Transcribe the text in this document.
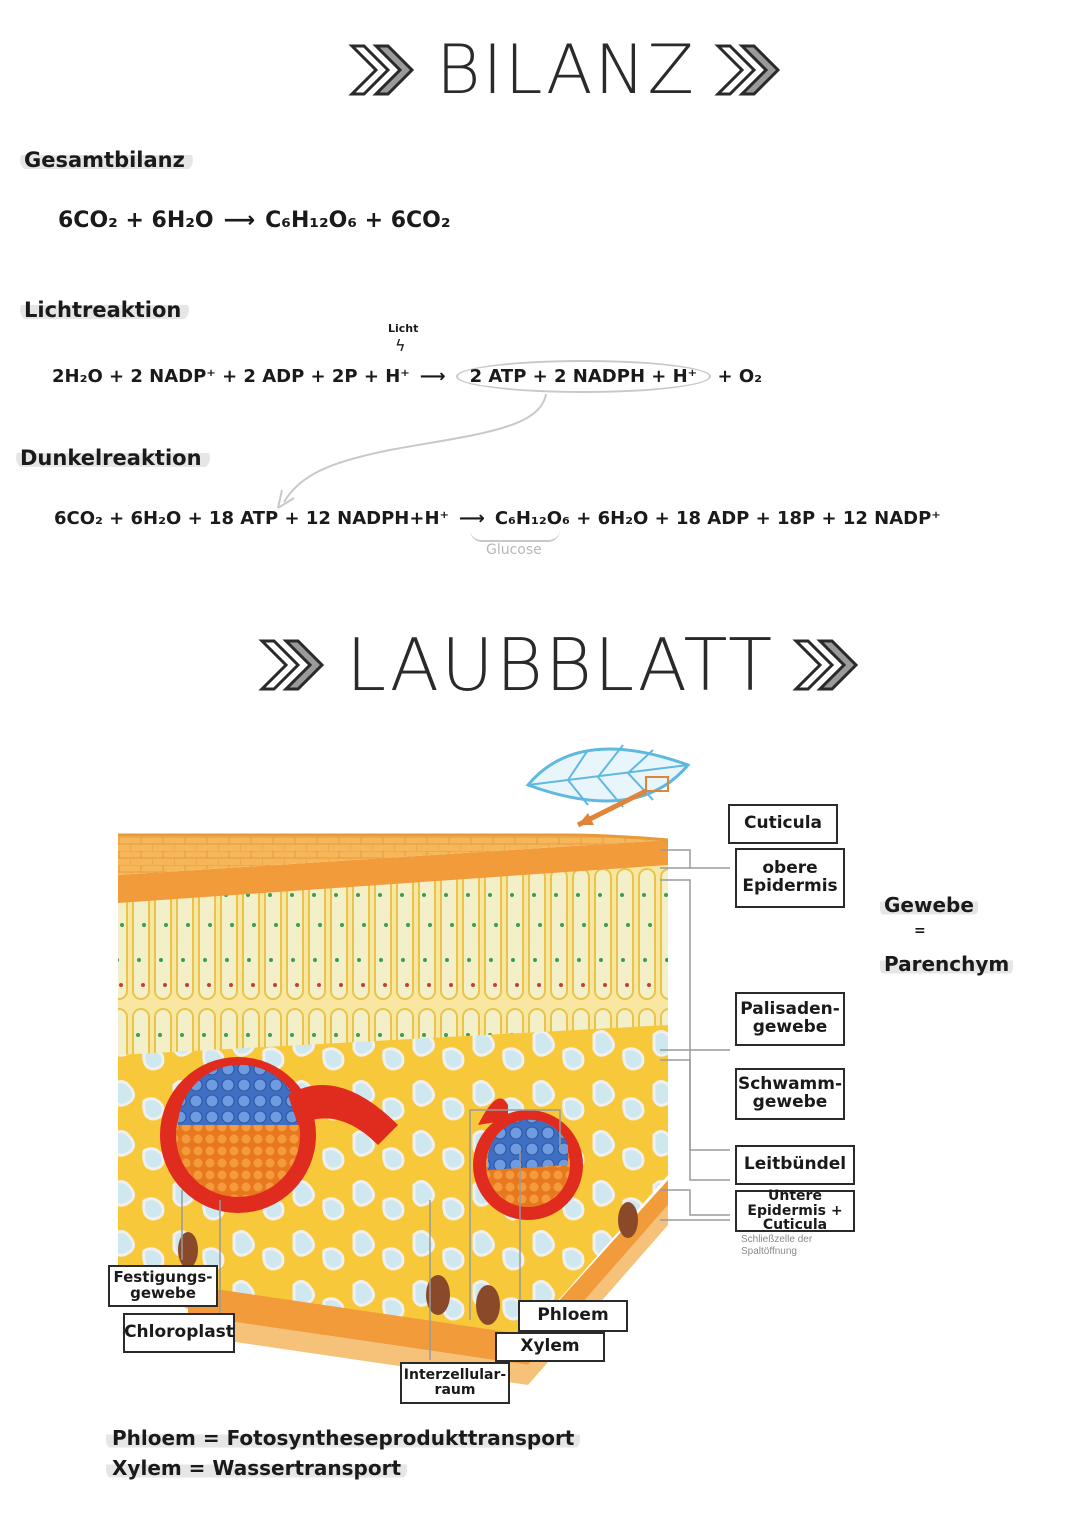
BILANZ
Gesamtbilanz
6CO₂ + 6H₂O ⟶ C₆H₁₂O₆ + 6CO₂
Lichtreaktion
Licht
ϟ
2H₂O + 2 NADP⁺ + 2 ADP + 2P + H⁺ ⟶ 2 ATP + 2 NADPH + H⁺ + O₂
Dunkelreaktion
6CO₂ + 6H₂O + 18 ATP + 12 NADPH+H⁺ ⟶ C₆H₁₂O₆ + 6H₂O + 18 ADP + 18P + 12 NADP⁺
Glucose
LAUBBLATT
Cuticula
obere Epidermis
Palisaden-gewebe
Schwamm-gewebe
Leitbündel
Untere Epidermis + Cuticula
Schließzelle der Spaltöffnung
Gewebe
=
Parenchym
Festigungs-gewebe
Chloroplast
Phloem
Xylem
Interzellular-raum
Phloem = Fotosyntheseprodukttransport
Xylem = Wassertransport
